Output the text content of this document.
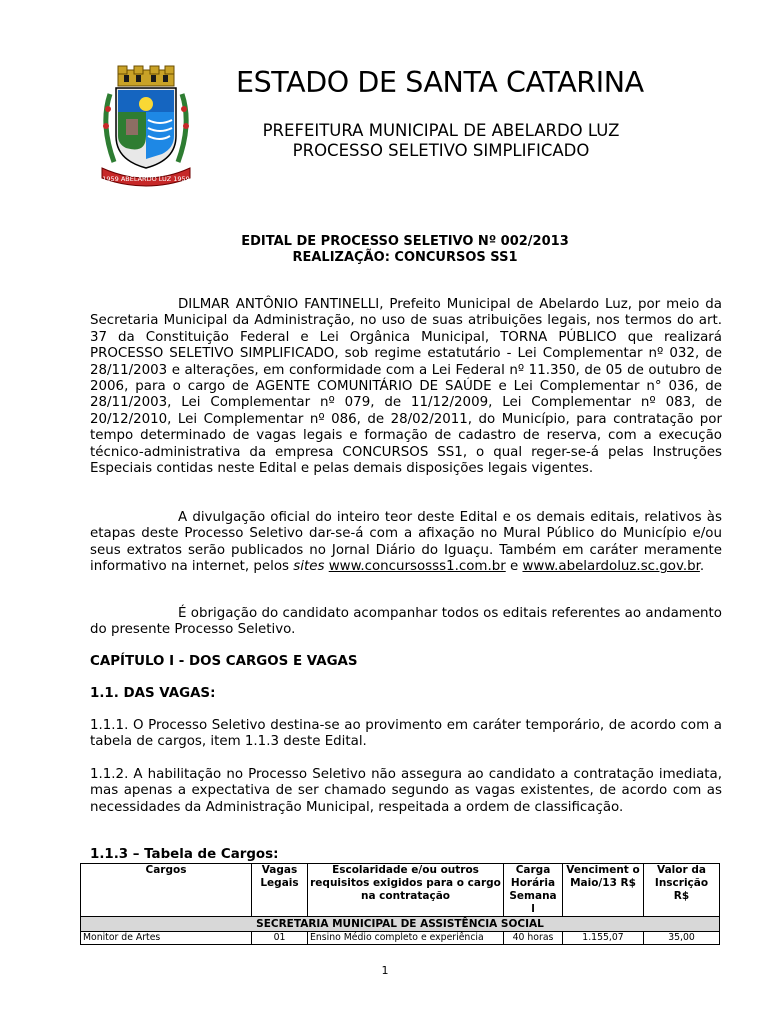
1959 ABELARDO LUZ 1959
ESTADO DE SANTA CATARINA
PREFEITURA MUNICIPAL DE ABELARDO LUZ
PROCESSO SELETIVO SIMPLIFICADO
EDITAL DE PROCESSO SELETIVO Nº 002/2013
REALIZAÇÃO: CONCURSOS SS1

DILMAR ANTÔNIO FANTINELLI, Prefeito Municipal de Abelardo Luz, por meio da Secretaria Municipal da Administração, no uso de suas atribuições legais, nos termos do art. 37 da Constituição Federal e Lei Orgânica Municipal, TORNA PÚBLICO que realizará PROCESSO SELETIVO SIMPLIFICADO, sob regime estatutário - Lei Complementar nº 032, de 28/11/2003 e alterações, em conformidade com a Lei Federal nº 11.350, de 05 de outubro de 2006, para o cargo de AGENTE COMUNITÁRIO DE SAÚDE e Lei Complementar n° 036, de 28/11/2003, Lei Complementar nº 079, de 11/12/2009, Lei Complementar nº 083, de 20/12/2010, Lei Complementar nº 086, de 28/02/2011, do Município, para contratação por tempo determinado de vagas legais e formação de cadastro de reserva, com a execução técnico-administrativa da empresa CONCURSOS SS1, o qual reger-se-á pelas Instruções Especiais contidas neste Edital e pelas demais disposições legais vigentes.

A divulgação oficial do inteiro teor deste Edital e os demais editais, relativos às etapas deste Processo Seletivo dar-se-á com a afixação no Mural Público do Município e/ou seus extratos serão publicados no Jornal Diário do Iguaçu. Também em caráter meramente informativo na internet, pelos sites www.concursosss1.com.br e www.abelardoluz.sc.gov.br.

É obrigação do candidato acompanhar todos os editais referentes ao andamento do presente Processo Seletivo.

CAPÍTULO I - DOS CARGOS E VAGAS

1.1. DAS VAGAS:

1.1.1. O Processo Seletivo destina-se ao provimento em caráter temporário, de acordo com a tabela de cargos, item 1.1.3 deste Edital.

1.1.2. A habilitação no Processo Seletivo não assegura ao candidato a contratação imediata, mas apenas a expectativa de ser chamado segundo as vagas existentes, de acordo com as necessidades da Administração Municipal, respeitada a ordem de classificação.

1.1.3 – Tabela de Cargos:
Cargos	Vagas Legais	Escolaridade e/ou outros requisitos exigidos para o cargo na contratação	Carga Horária Semana l	Venciment o Maio/13 R$	Valor da Inscrição R$
SECRETARIA MUNICIPAL DE ASSISTÊNCIA SOCIAL					
Monitor de Artes	01	Ensino Médio completo e experiência	40 horas	1.155,07	35,00
1
